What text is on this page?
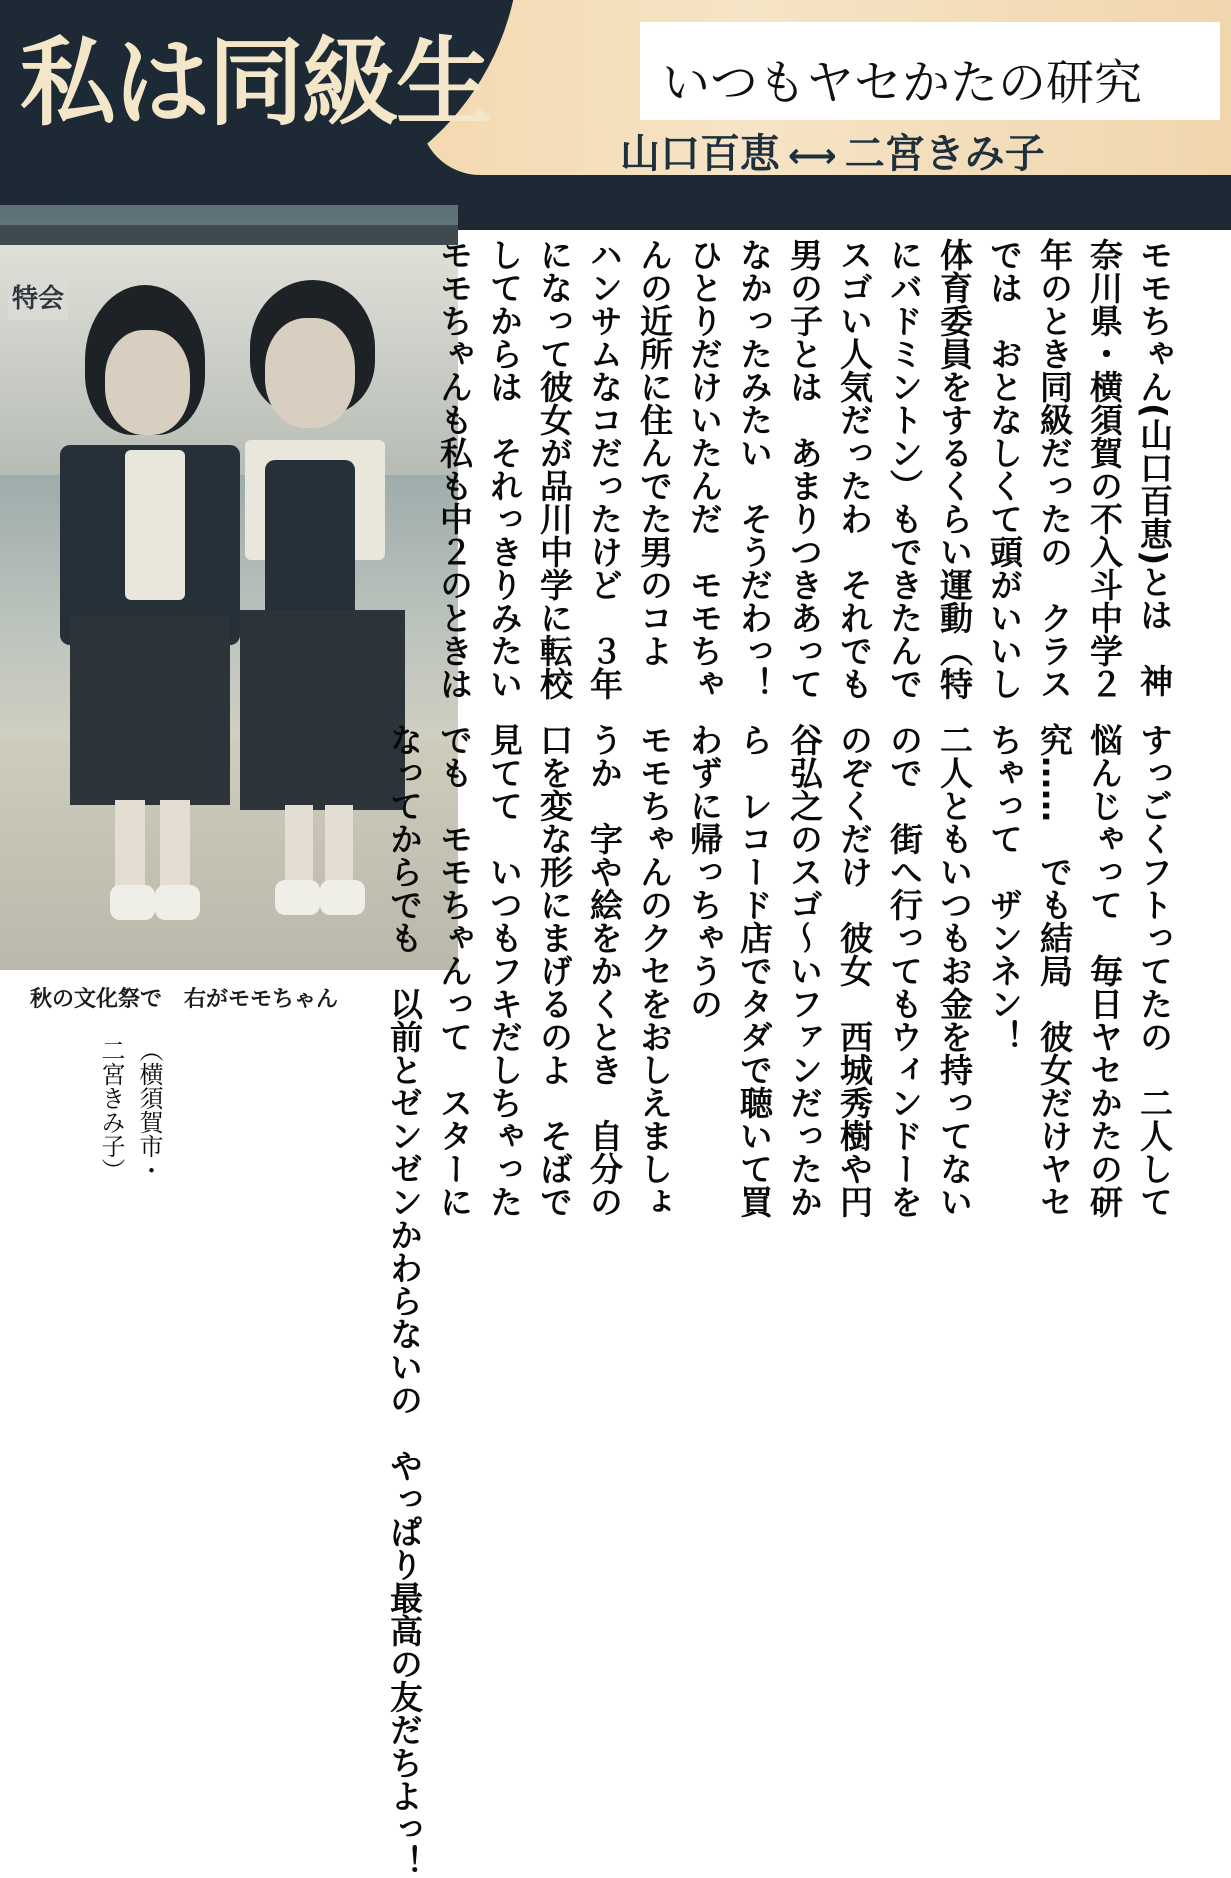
私は同級生	いつもヤセかたの研究
山口百恵 ⟷ 二宮きみ子
特会
秋の文化祭で　右がモモちゃん
モモちゃん(山口百恵)とは　神
奈川県・横須賀の不入斗中学２
年のとき同級だったの　クラス
では　おとなしくて頭がいいし
体育委員をするくらい運動（特
にバドミントン）もできたんで
スゴい人気だったわ　それでも
男の子とは　あまりつきあって
なかったみたい　そうだわっ！
ひとりだけいたんだ　モモちゃ
んの近所に住んでた男のコよ
ハンサムなコだったけど　３年
になって彼女が品川中学に転校
してからは　それっきりみたい
モモちゃんも私も中２のときは
すっごくフトってたの　二人して
悩んじゃって　毎日ヤセかたの研
究……　でも結局　彼女だけヤセ
ちゃって　ザンネン！
二人ともいつもお金を持ってない
ので　街へ行ってもウィンドーを
のぞくだけ　彼女　西城秀樹や円
谷弘之のスゴ～いファンだったか
ら　レコード店でタダで聴いて買
わずに帰っちゃうの
モモちゃんのクセをおしえましょ
うか　字や絵をかくとき　自分の
口を変な形にまげるのよ　そばで
見てて　いつもフキだしちゃった
でも　モモちゃんって　スターに
なってからでも　以前とゼンゼンかわらないの　やっぱり最高の友だちよっ！
（横須賀市・
二宮きみ子）
